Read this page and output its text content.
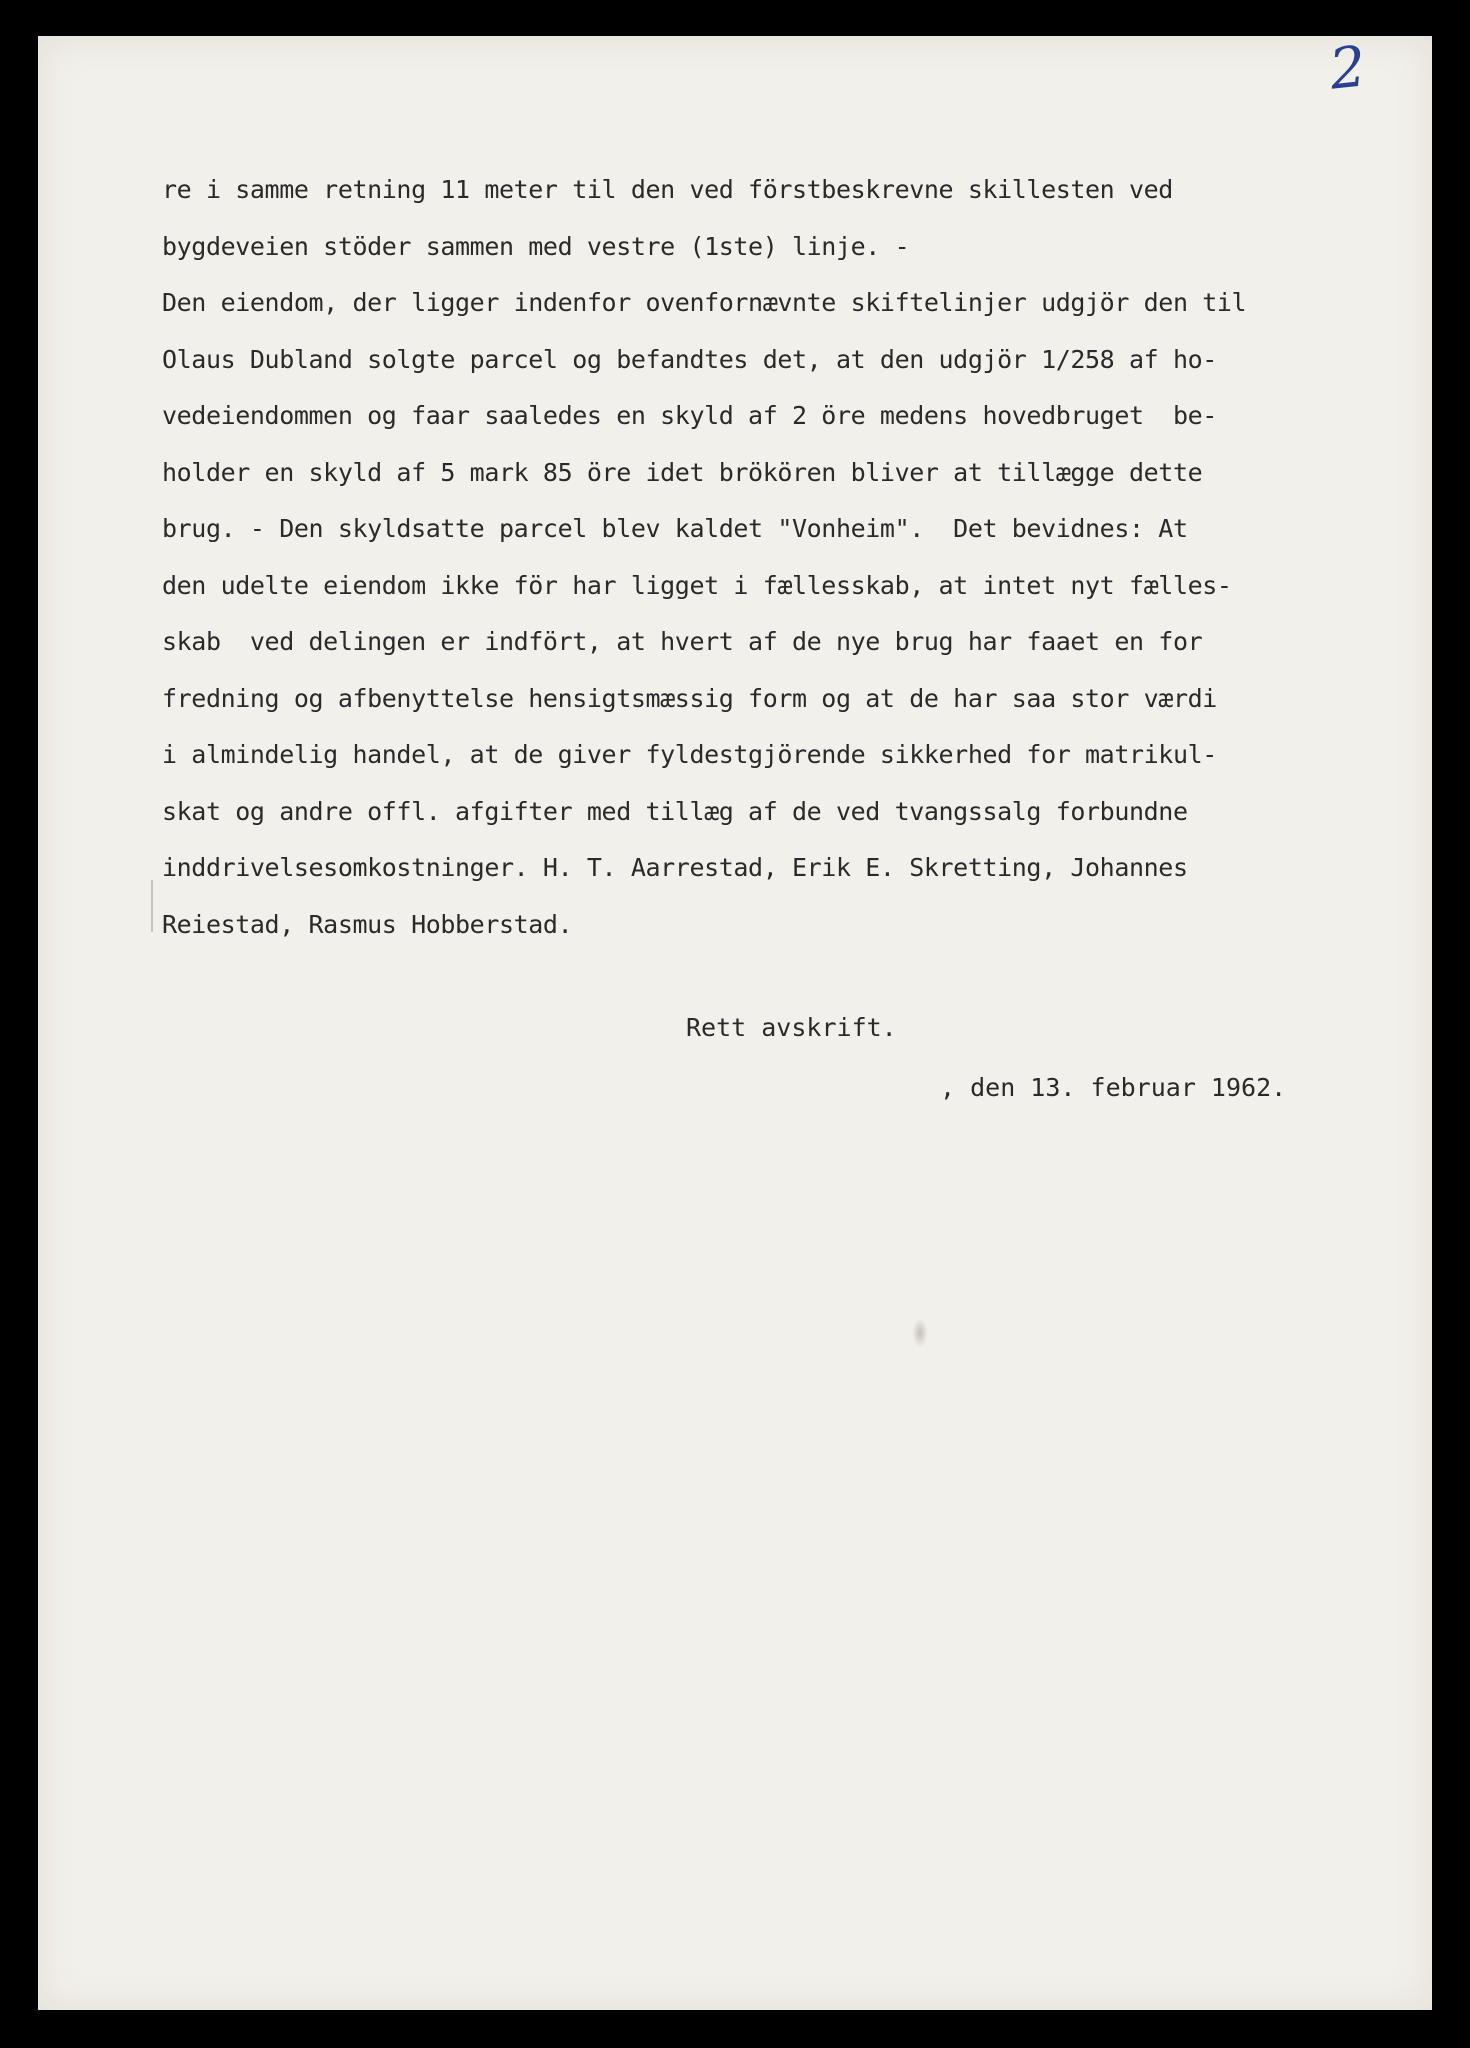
2
re i samme retning 11 meter til den ved förstbeskrevne skillesten ved
bygdeveien stöder sammen med vestre (1ste) linje. -
Den eiendom, der ligger indenfor ovenfornævnte skiftelinjer udgjör den til
Olaus Dubland solgte parcel og befandtes det, at den udgjör 1/258 af ho-
vedeiendommen og faar saaledes en skyld af 2 öre medens hovedbruget  be-
holder en skyld af 5 mark 85 öre idet brökören bliver at tillægge dette
brug. - Den skyldsatte parcel blev kaldet "Vonheim".  Det bevidnes: At
den udelte eiendom ikke för har ligget i fællesskab, at intet nyt fælles-
skab  ved delingen er indfört, at hvert af de nye brug har faaet en for
fredning og afbenyttelse hensigtsmæssig form og at de har saa stor værdi
i almindelig handel, at de giver fyldestgjörende sikkerhed for matrikul-
skat og andre offl. afgifter med tillæg af de ved tvangssalg forbundne
inddrivelsesomkostninger. H. T. Aarrestad, Erik E. Skretting, Johannes
Reiestad, Rasmus Hobberstad.
Rett avskrift.
, den 13. februar 1962.
